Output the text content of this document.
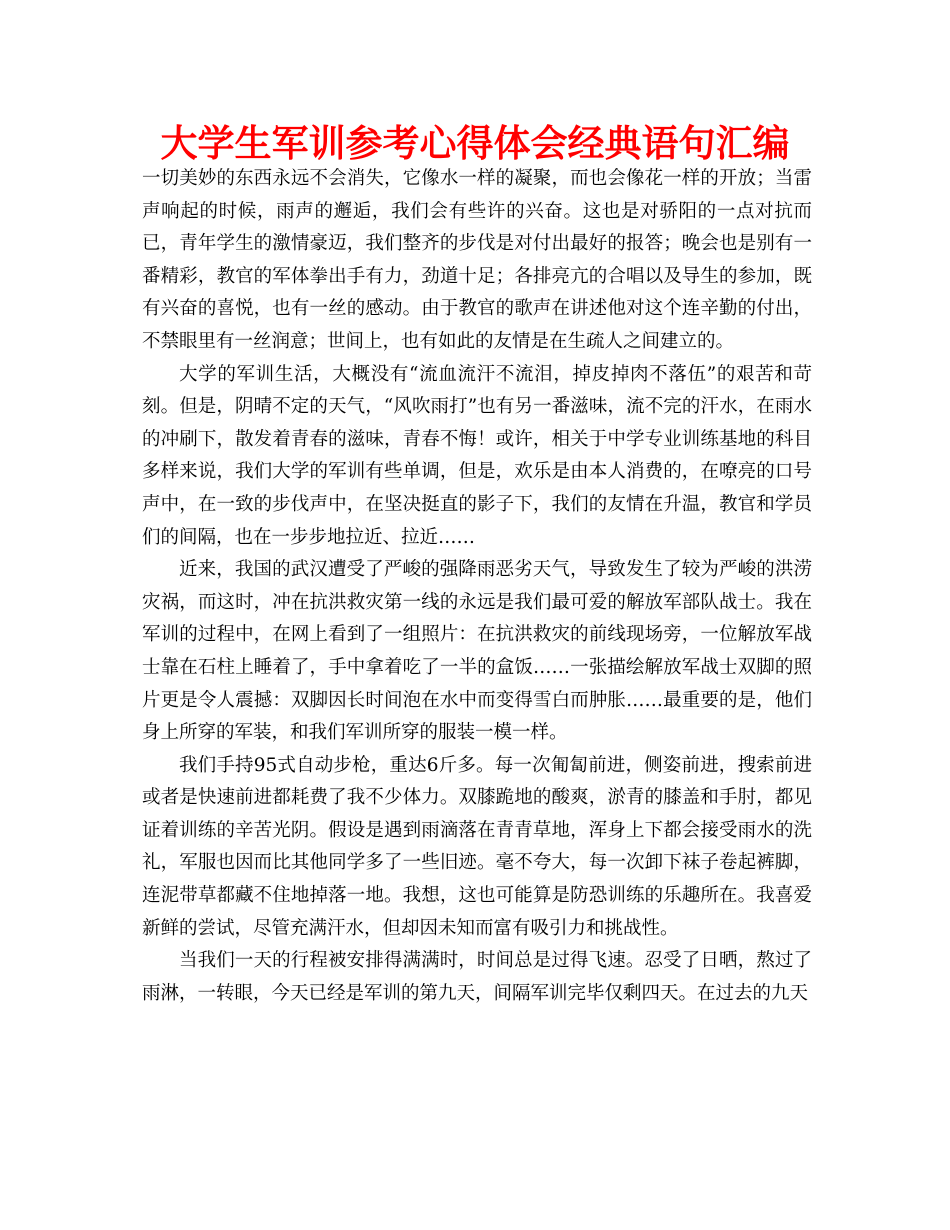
大学生军训参考心得体会经典语句汇编

一切美妙的东西永远不会消失，它像水一样的凝聚，而也会像花一样的开放；当雷声响起的时候，雨声的邂逅，我们会有些许的兴奋。这也是对骄阳的一点对抗而已，青年学生的激情豪迈，我们整齐的步伐是对付出最好的报答；晚会也是别有一番精彩，教官的军体拳出手有力，劲道十足；各排亮亢的合唱以及导生的参加，既有兴奋的喜悦，也有一丝的感动。由于教官的歌声在讲述他对这个连辛勤的付出，不禁眼里有一丝润意；世间上，也有如此的友情是在生疏人之间建立的。

大学的军训生活，大概没有“流血流汗不流泪，掉皮掉肉不落伍”的艰苦和苛刻。但是，阴晴不定的天气，“风吹雨打”也有另一番滋味，流不完的汗水，在雨水的冲刷下，散发着青春的滋味，青春不悔！或许，相关于中学专业训练基地的科目多样来说，我们大学的军训有些单调，但是，欢乐是由本人消费的，在嘹亮的口号声中，在一致的步伐声中，在坚决挺直的影子下，我们的友情在升温，教官和学员们的间隔，也在一步步地拉近、拉近……

近来，我国的武汉遭受了严峻的强降雨恶劣天气，导致发生了较为严峻的洪涝灾祸，而这时，冲在抗洪救灾第一线的永远是我们最可爱的解放军部队战士。我在军训的过程中，在网上看到了一组照片：在抗洪救灾的前线现场旁，一位解放军战士靠在石柱上睡着了，手中拿着吃了一半的盒饭……一张描绘解放军战士双脚的照片更是令人震撼：双脚因长时间泡在水中而变得雪白而肿胀……最重要的是，他们身上所穿的军装，和我们军训所穿的服装一模一样。

我们手持95式自动步枪，重达6斤多。每一次匍匐前进，侧姿前进，搜索前进或者是快速前进都耗费了我不少体力。双膝跪地的酸爽，淤青的膝盖和手肘，都见证着训练的辛苦光阴。假设是遇到雨滴落在青青草地，浑身上下都会接受雨水的洗礼，军服也因而比其他同学多了一些旧迹。毫不夸大，每一次卸下袜子卷起裤脚，连泥带草都藏不住地掉落一地。我想，这也可能算是防恐训练的乐趣所在。我喜爱新鲜的尝试，尽管充满汗水，但却因未知而富有吸引力和挑战性。

当我们一天的行程被安排得满满时，时间总是过得飞速。忍受了日晒，熬过了雨淋，一转眼，今天已经是军训的第九天，间隔军训完毕仅剩四天。在过去的九天
